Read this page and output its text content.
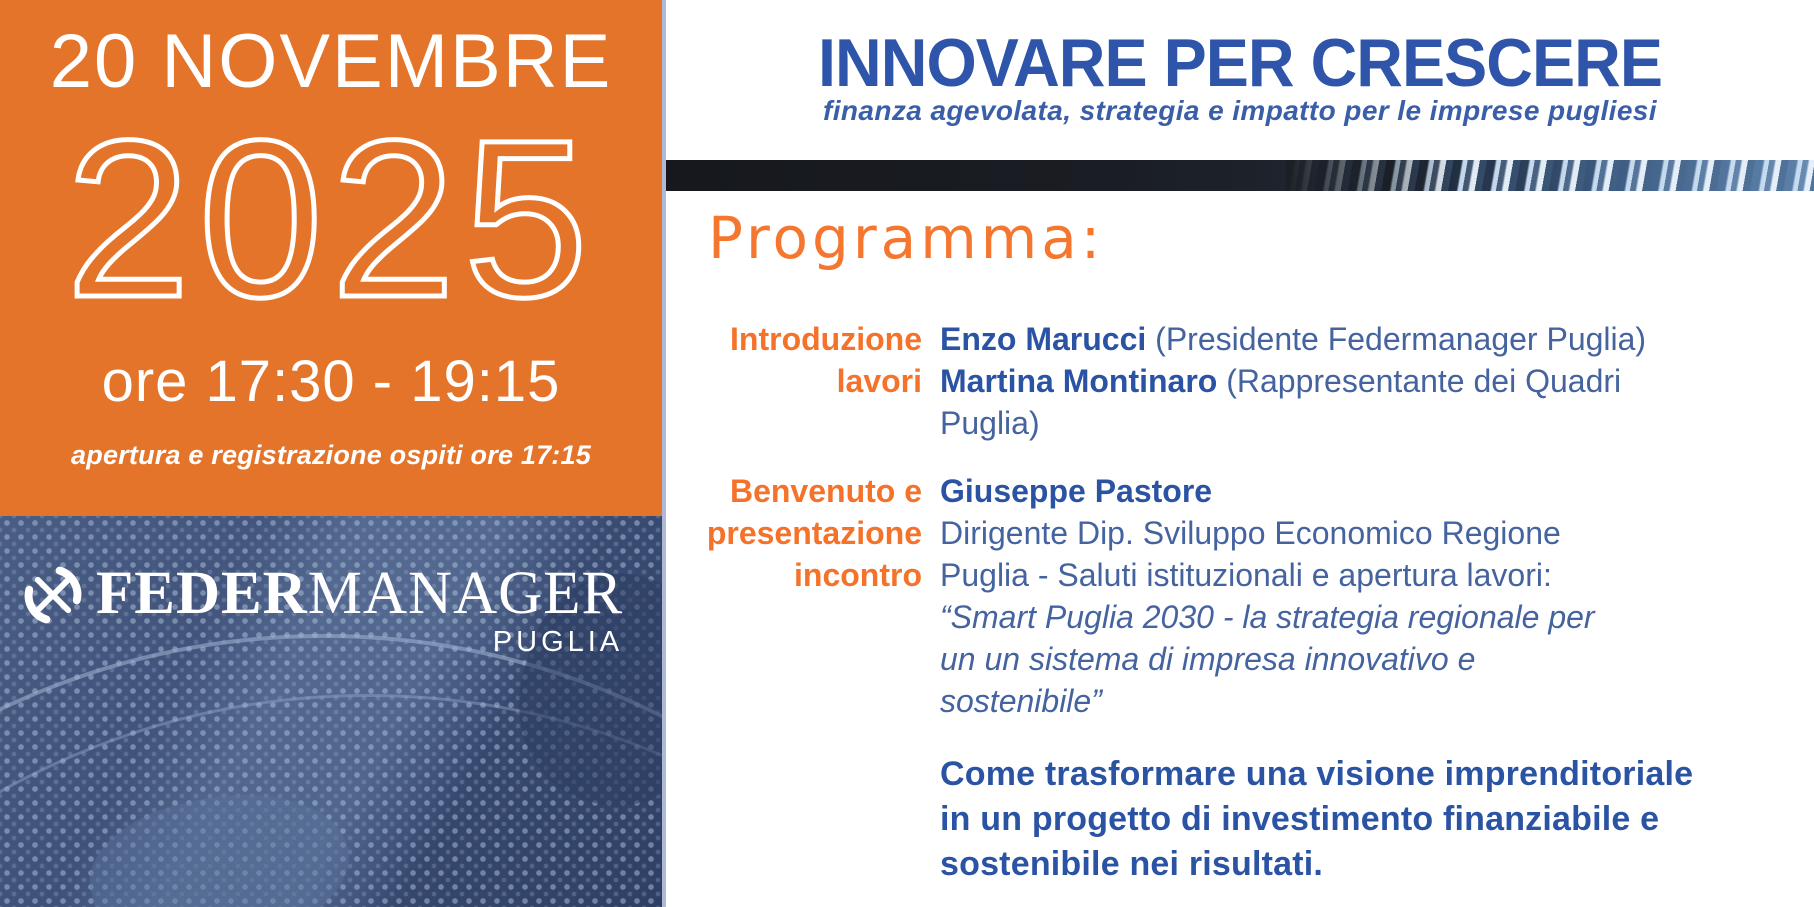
20 NOVEMBRE
2025
ore 17:30 - 19:15
apertura e registrazione ospiti ore 17:15
FEDERMANAGER
PUGLIA
INNOVARE PER CRESCERE
finanza agevolata, strategia e impatto per le imprese pugliesi
Programma:
Introduzione
lavori
Enzo Marucci (Presidente Federmanager Puglia)
Martina Montinaro (Rappresentante dei Quadri
Puglia)
Benvenuto e
presentazione
incontro
Giuseppe Pastore
Dirigente Dip. Sviluppo Economico Regione
Puglia - Saluti istituzionali e apertura lavori:
“Smart Puglia 2030 - la strategia regionale per
un un sistema di impresa innovativo e
sostenibile”
Come trasformare una visione imprenditoriale
in un progetto di investimento finanziabile e
sostenibile nei risultati.
